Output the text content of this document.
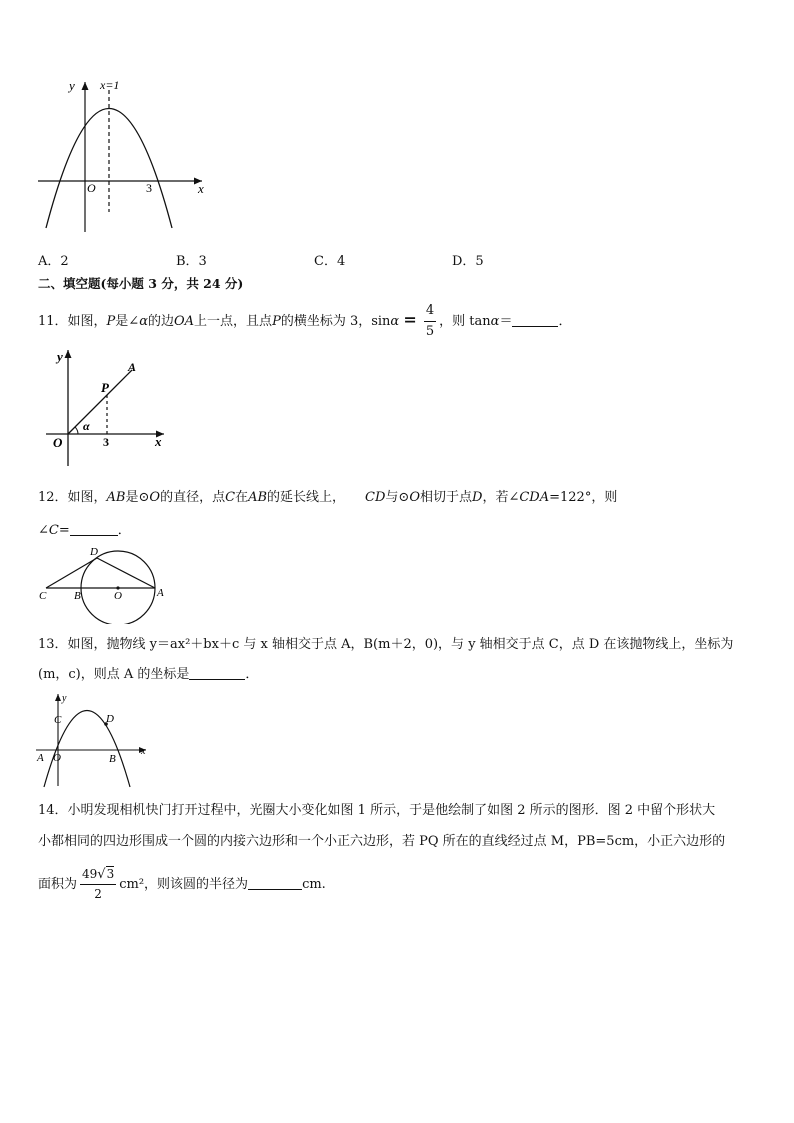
y x=1
O	3	x
A．2	B．3	C．4	D．5
二、填空题(每小题 3 分，共 24 分)
11．如图，P是∠α的边OA上一点，且点P的横坐标为 3，$\sin\alpha = \frac{4}{5}$ ，则 tanα＝	．
y
A
P
O
α
3	x
12．如图，AB是⊙O的直径，点C在AB的延长线上， CD与⊙O相切于点D，若∠CDA=122°，则
∠C=	．
D
C	B	O	A
13．如图，抛物线 y＝ax²＋bx＋c 与 x 轴相交于点 A，B(m＋2，0)，与 y 轴相交于点 C，点 D 在该抛物线上，坐标为
(m，c)，则点 A 的坐标是	．
y
C	D
A O	B
x
14．小明发现相机快门打开过程中，光圈大小变化如图 1 所示，于是他绘制了如图 2 所示的图形．图 2 中留个形状大
小都相同的四边形围成一个圆的内接六边形和一个小正六边形，若 PQ 所在的直线经过点 M，PB=5cm，小正六边形的
面积为 $\frac{49√3}{2} cm^2$，则该圆的半径为	cm.
